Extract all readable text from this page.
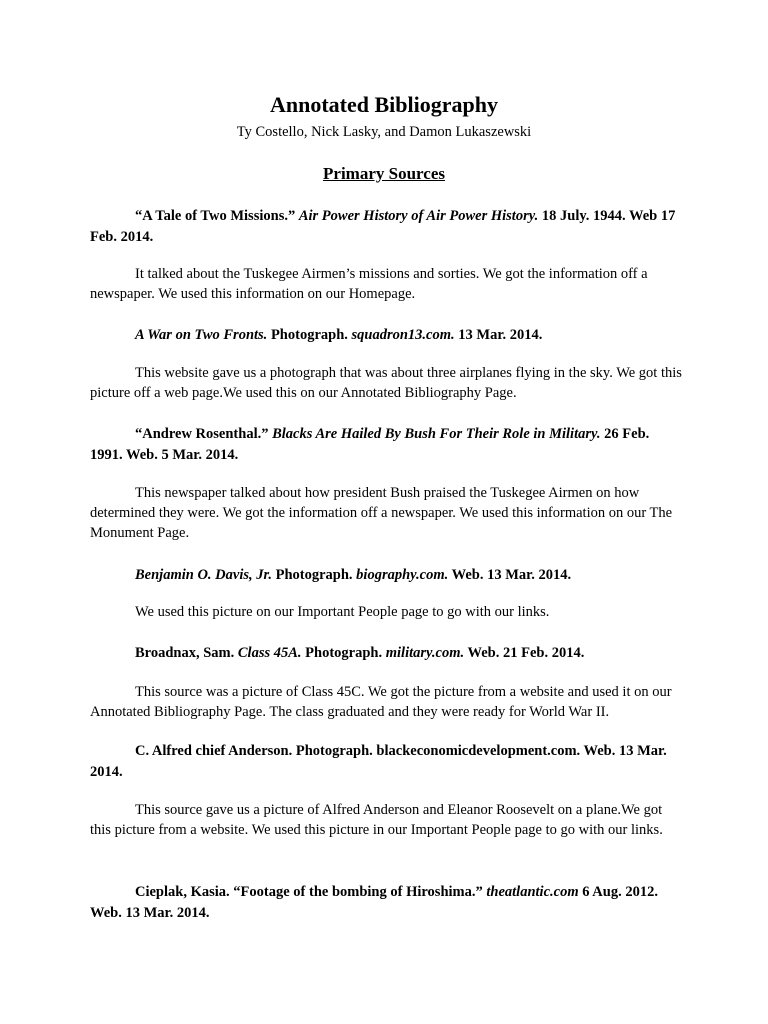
Annotated Bibliography
Ty Costello, Nick Lasky, and Damon Lukaszewski
Primary Sources

“A Tale of Two Missions.” Air Power History of Air Power History. 18 July. 1944. Web 17 Feb. 2014.

It talked about the Tuskegee Airmen’s missions and sorties. We got the information off a newspaper. We used this information on our Homepage.

A War on Two Fronts. Photograph. squadron13.com. 13 Mar. 2014.

This website gave us a photograph that was about three airplanes flying in the sky. We got this picture off a web page.We used this on our Annotated Bibliography Page.

“Andrew Rosenthal.” Blacks Are Hailed By Bush For Their Role in Military. 26 Feb. 1991. Web. 5 Mar. 2014.

This newspaper talked about how president Bush praised the Tuskegee Airmen on how determined they were. We got the information off a newspaper. We used this information on our The Monument Page.

Benjamin O. Davis, Jr. Photograph. biography.com. Web. 13 Mar. 2014.

We used this picture on our Important People page to go with our links.

Broadnax, Sam. Class 45A. Photograph. military.com. Web. 21 Feb. 2014.

This source was a picture of Class 45C. We got the picture from a website and used it on our Annotated Bibliography Page. The class graduated and they were ready for World War II.

C. Alfred chief Anderson. Photograph. blackeconomicdevelopment.com. Web. 13 Mar. 2014.

This source gave us a picture of Alfred Anderson and Eleanor Roosevelt on a plane.We got this picture from a website. We used this picture in our Important People page to go with our links.

Cieplak, Kasia. “Footage of the bombing of Hiroshima.” theatlantic.com 6 Aug. 2012. Web. 13 Mar. 2014.
